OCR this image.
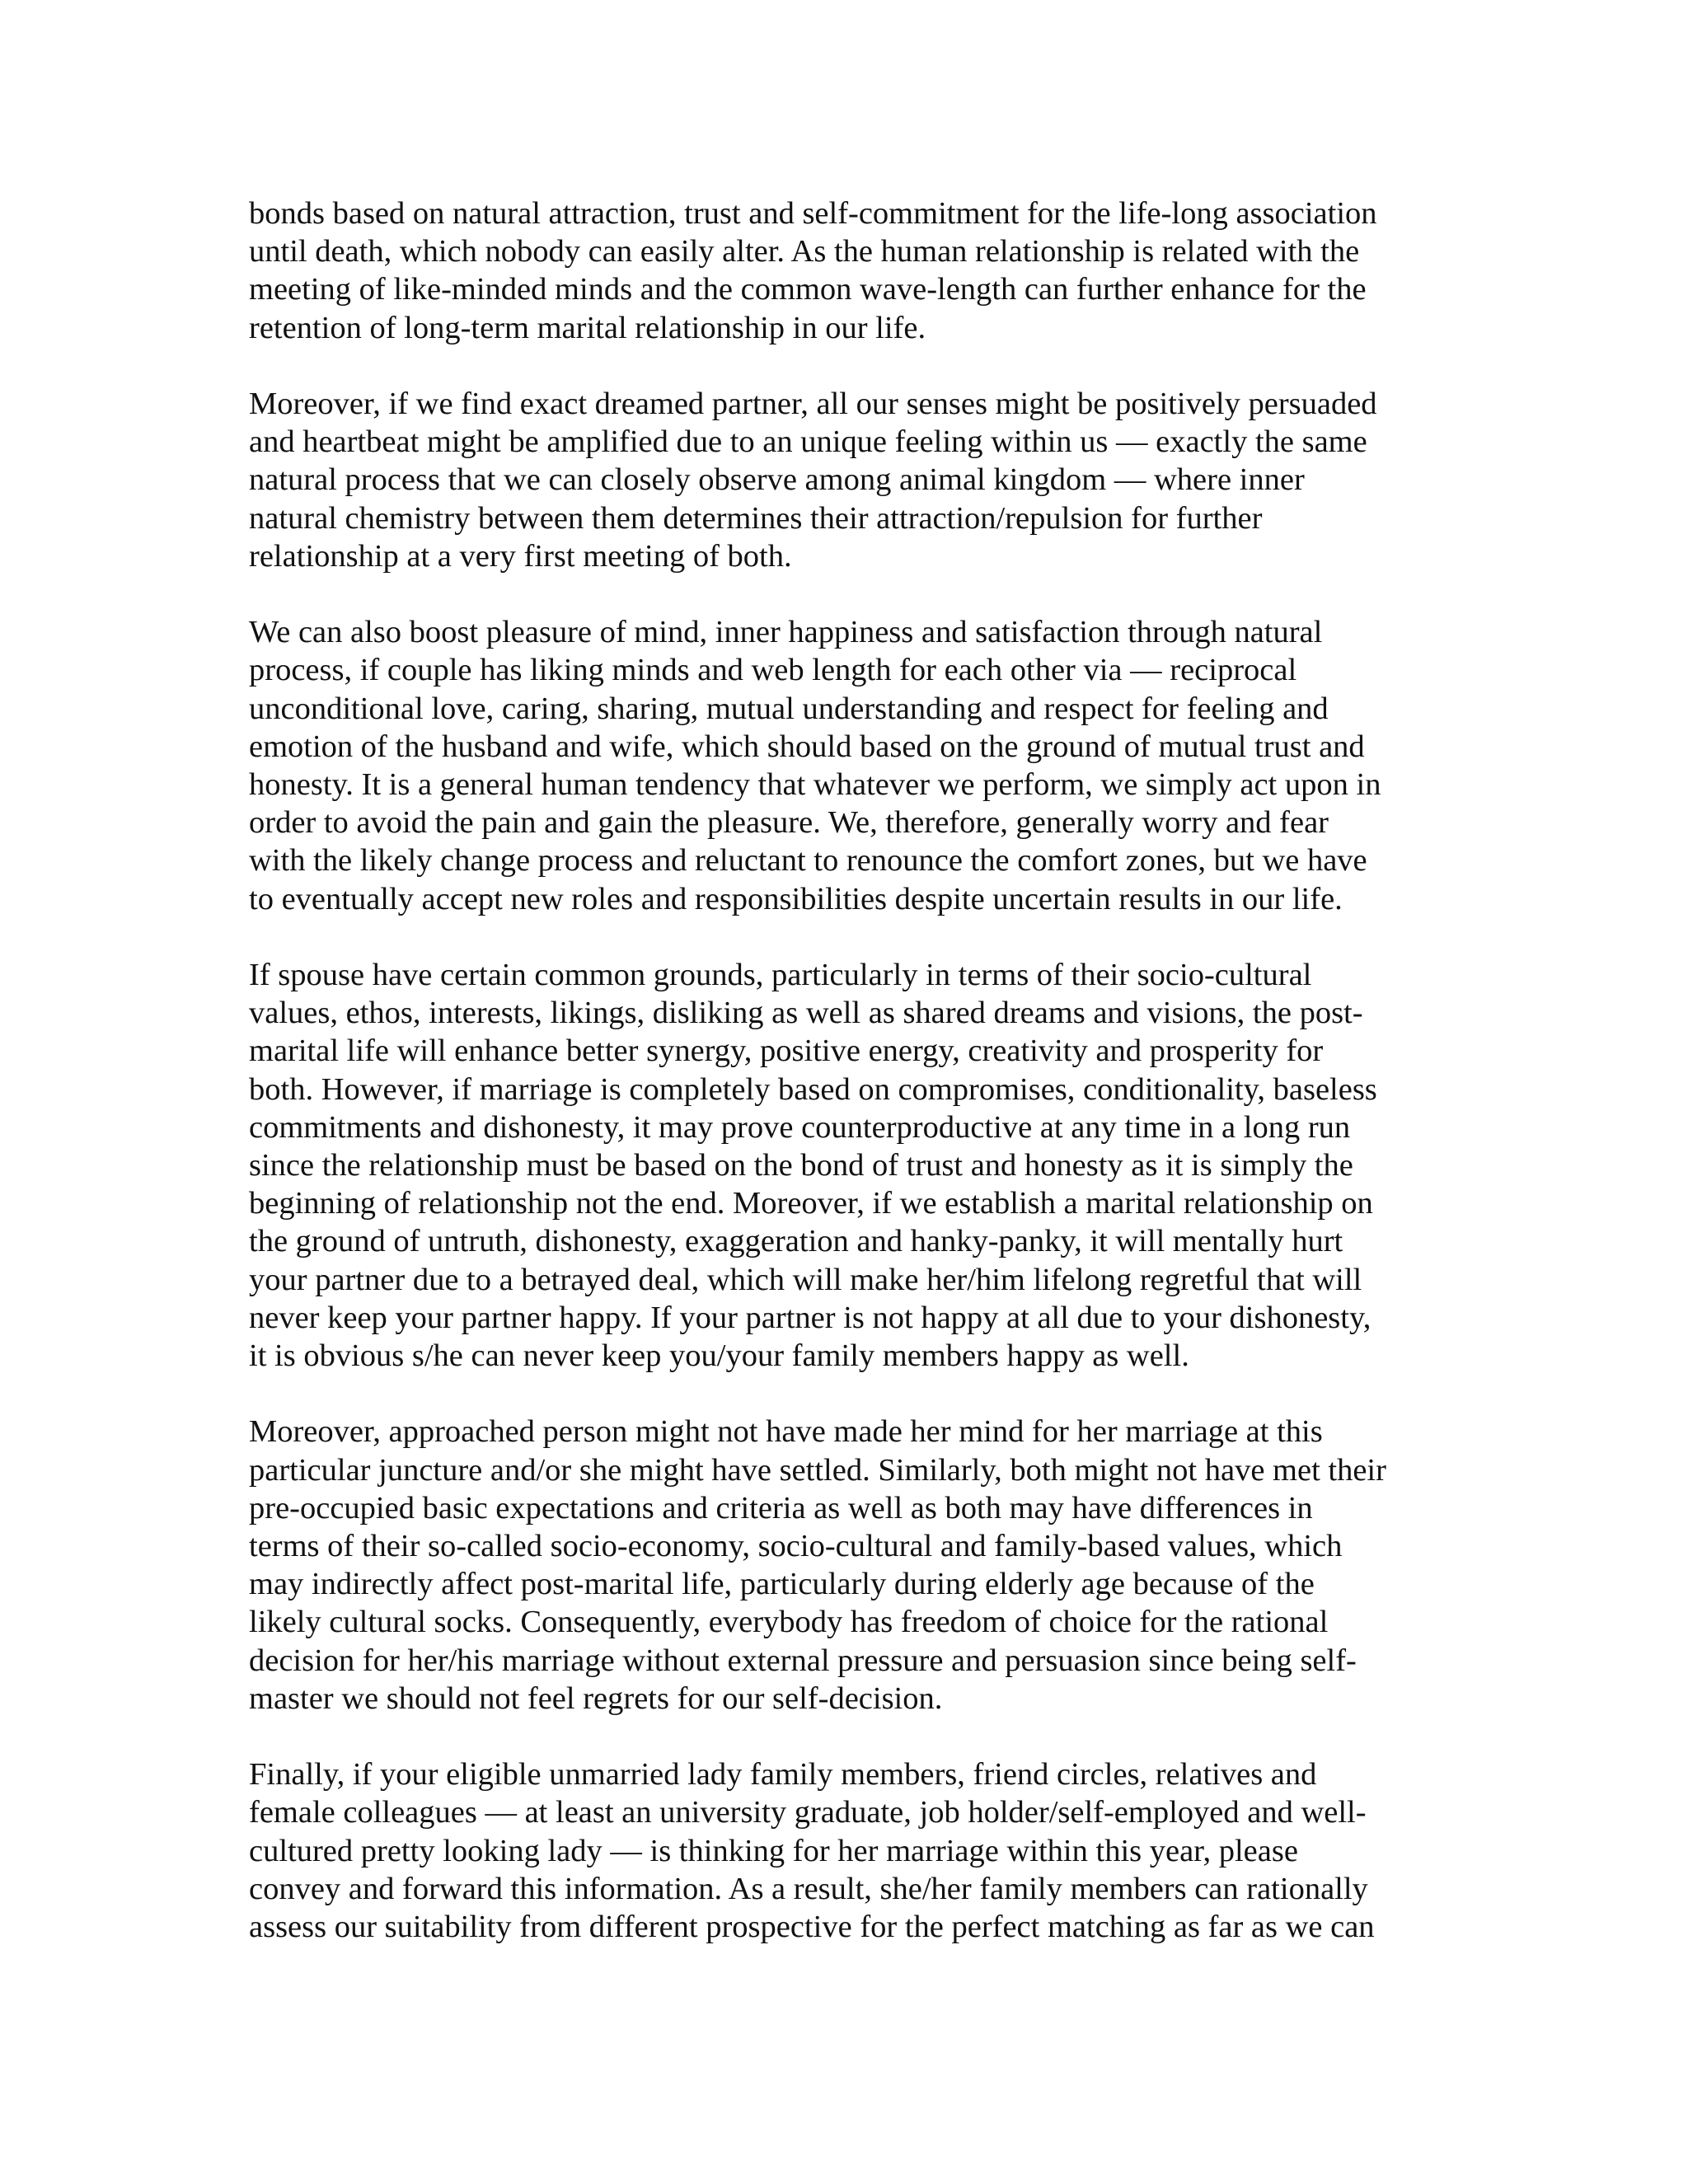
bonds based on natural attraction, trust and self-commitment for the life-long association
until death, which nobody can easily alter. As the human relationship is related with the
meeting of like-minded minds and the common wave-length can further enhance for the
retention of long-term marital relationship in our life.

Moreover, if we find exact dreamed partner, all our senses might be positively persuaded
and heartbeat might be amplified due to an unique feeling within us — exactly the same
natural process that we can closely observe among animal kingdom — where inner
natural chemistry between them determines their attraction/repulsion for further
relationship at a very first meeting of both.

We can also boost pleasure of mind, inner happiness and satisfaction through natural
process, if couple has liking minds and web length for each other via — reciprocal
unconditional love, caring, sharing, mutual understanding and respect for feeling and
emotion of the husband and wife, which should based on the ground of mutual trust and
honesty. It is a general human tendency that whatever we perform, we simply act upon in
order to avoid the pain and gain the pleasure. We, therefore, generally worry and fear
with the likely change process and reluctant to renounce the comfort zones, but we have
to eventually accept new roles and responsibilities despite uncertain results in our life.

If spouse have certain common grounds, particularly in terms of their socio-cultural
values, ethos, interests, likings, disliking as well as shared dreams and visions, the post-
marital life will enhance better synergy, positive energy, creativity and prosperity for
both. However, if marriage is completely based on compromises, conditionality, baseless
commitments and dishonesty, it may prove counterproductive at any time in a long run
since the relationship must be based on the bond of trust and honesty as it is simply the
beginning of relationship not the end. Moreover, if we establish a marital relationship on
the ground of untruth, dishonesty, exaggeration and hanky-panky, it will mentally hurt
your partner due to a betrayed deal, which will make her/him lifelong regretful that will
never keep your partner happy. If your partner is not happy at all due to your dishonesty,
it is obvious s/he can never keep you/your family members happy as well.

Moreover, approached person might not have made her mind for her marriage at this
particular juncture and/or she might have settled. Similarly, both might not have met their
pre-occupied basic expectations and criteria as well as both may have differences in
terms of their so-called socio-economy, socio-cultural and family-based values, which
may indirectly affect post-marital life, particularly during elderly age because of the
likely cultural socks. Consequently, everybody has freedom of choice for the rational
decision for her/his marriage without external pressure and persuasion since being self-
master we should not feel regrets for our self-decision.

Finally, if your eligible unmarried lady family members, friend circles, relatives and
female colleagues — at least an university graduate, job holder/self-employed and well-
cultured pretty looking lady — is thinking for her marriage within this year, please
convey and forward this information. As a result, she/her family members can rationally
assess our suitability from different prospective for the perfect matching as far as we can
